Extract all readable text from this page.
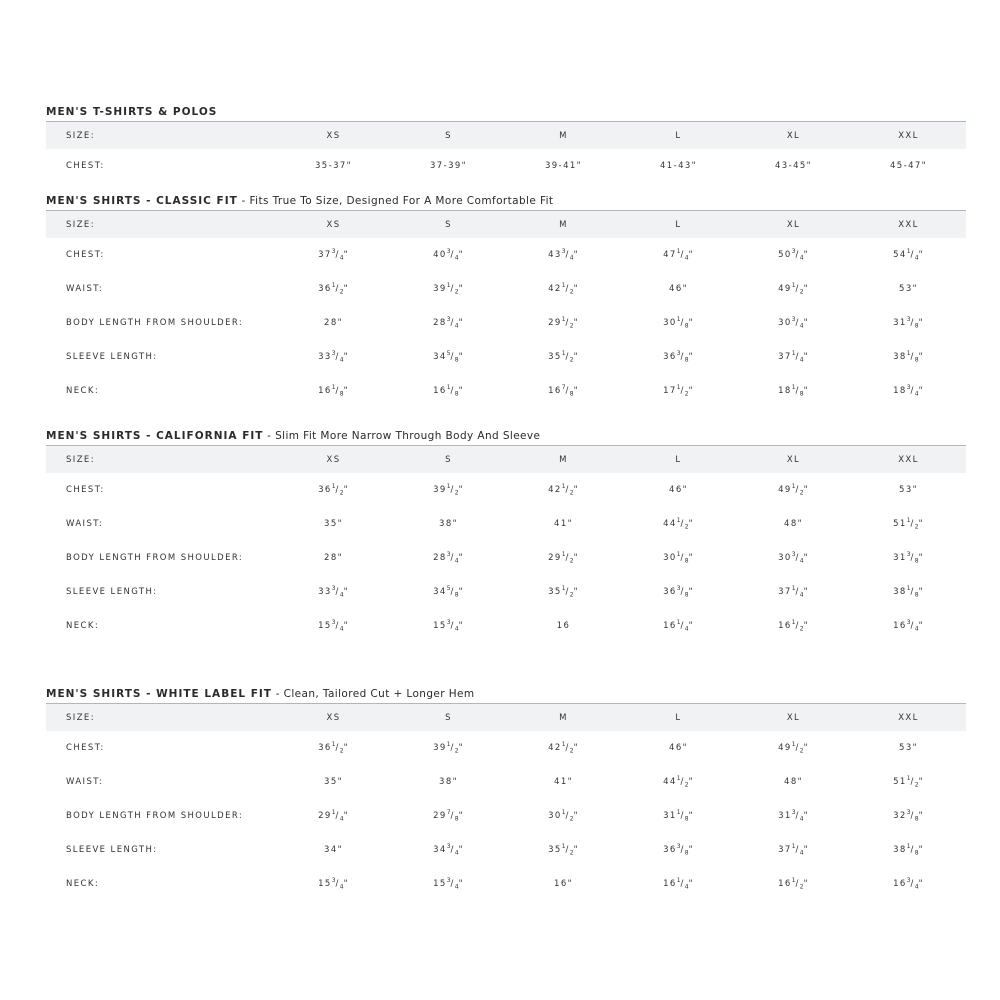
MEN'S T-SHIRTS & POLOS
SIZE:	XS	S	M	L	XL	XXL
CHEST:	35-37"	37-39"	39-41"	41-43"	43-45"	45-47"
MEN'S SHIRTS - CLASSIC FIT - Fits True To Size, Designed For A More Comfortable Fit
SIZE:	XS	S	M	L	XL	XXL
CHEST:	$37^3/_4$"	$40^3/_4$"	$43^3/_4$"	$47^1/_4$"	$50^3/_4$"	$54^1/_4$"
WAIST:	$36^1/_2$"	$39^1/_2$"	$42^1/_2$"	46"	$49^1/_2$"	53"
BODY LENGTH FROM SHOULDER:	28"	$28^3/_4$"	$29^1/_2$"	$30^1/_8$"	$30^3/_4$"	$31^3/_8$"
SLEEVE LENGTH:	$33^3/_4$"	$34^5/_8$"	$35^1/_2$"	$36^3/_8$"	$37^1/_4$"	$38^1/_8$"
NECK:	$16^1/_8$"	$16^1/_8$"	$16^7/_8$"	$17^1/_2$"	$18^1/_8$"	$18^3/_4$"
MEN'S SHIRTS - CALIFORNIA FIT - Slim Fit More Narrow Through Body And Sleeve
SIZE:	XS	S	M	L	XL	XXL
CHEST:	$36^1/_2$"	$39^1/_2$"	$42^1/_2$"	46"	$49^1/_2$"	53"
WAIST:	35"	38"	41"	$44^1/_2$"	48"	$51^1/_2$"
BODY LENGTH FROM SHOULDER:	28"	$28^3/_4$"	$29^1/_2$"	$30^1/_8$"	$30^3/_4$"	$31^3/_8$"
SLEEVE LENGTH:	$33^3/_4$"	$34^5/_8$"	$35^1/_2$"	$36^3/_8$"	$37^1/_4$"	$38^1/_8$"
NECK:	$15^3/_4$"	$15^3/_4$"	16	$16^1/_4$"	$16^1/_2$"	$16^3/_4$"
MEN'S SHIRTS - WHITE LABEL FIT - Clean, Tailored Cut + Longer Hem
SIZE:	XS	S	M	L	XL	XXL
CHEST:	$36^1/_2$"	$39^1/_2$"	$42^1/_2$"	46"	$49^1/_2$"	53"
WAIST:	35"	38"	41"	$44^1/_2$"	48"	$51^1/_2$"
BODY LENGTH FROM SHOULDER:	$29^1/_4$"	$29^7/_8$"	$30^1/_2$"	$31^1/_8$"	$31^3/_4$"	$32^3/_8$"
SLEEVE LENGTH:	34"	$34^3/_4$"	$35^1/_2$"	$36^3/_8$"	$37^1/_4$"	$38^1/_8$"
NECK:	$15^3/_4$"	$15^3/_4$"	16"	$16^1/_4$"	$16^1/_2$"	$16^3/_4$"
